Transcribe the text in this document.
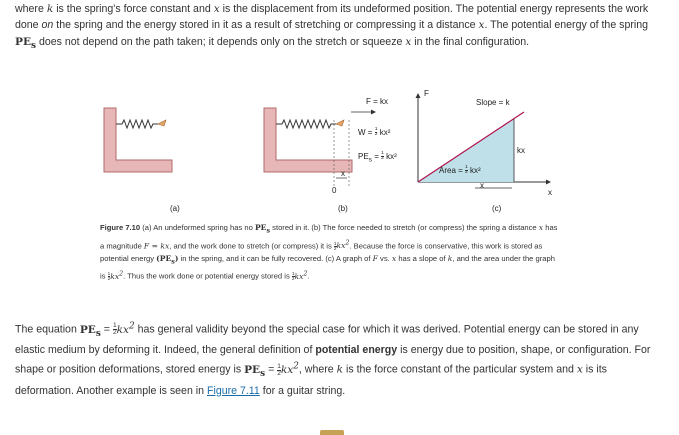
where k is the spring's force constant and x is the displacement from its undeformed position. The potential energy represents the work done on the spring and the energy stored in it as a result of stretching or compressing it a distance x. The potential energy of the spring $PE_s$ does not depend on the path taken; it depends only on the stretch or squeeze x in the final configuration.

F = kx
$W = \frac{1}{2} kx^2$
$PE_s = \frac{1}{2} kx^2$
x
0
F
x
Slope = k
kx
Area = $\frac{1}{2} kx^2$
x
(a)	(b)	(c)
Figure 7.10 (a) An undeformed spring has no $PE_s$ stored in it. (b) The force needed to stretch (or compress) the spring a distance x has a magnitude F = kx, and the work done to stretch (or compress) it is $\frac{1}{2} kx^2$. Because the force is conservative, this work is stored as potential energy $(PE_s)$ in the spring, and it can be fully recovered. (c) A graph of F vs. x has a slope of k, and the area under the graph is $\frac{1}{2} kx^2$. Thus the work done or potential energy stored is $\frac{1}{2} kx^2$.

The equation $PE_s = \frac{1}{2} kx^2$ has general validity beyond the special case for which it was derived. Potential energy can be stored in any elastic medium by deforming it. Indeed, the general definition of potential energy is energy due to position, shape, or configuration. For shape or position deformations, stored energy is $PE_s = \frac{1}{2} kx^2$, where k is the force constant of the particular system and x is its deformation. Another example is seen in Figure 7.11 for a guitar string.
